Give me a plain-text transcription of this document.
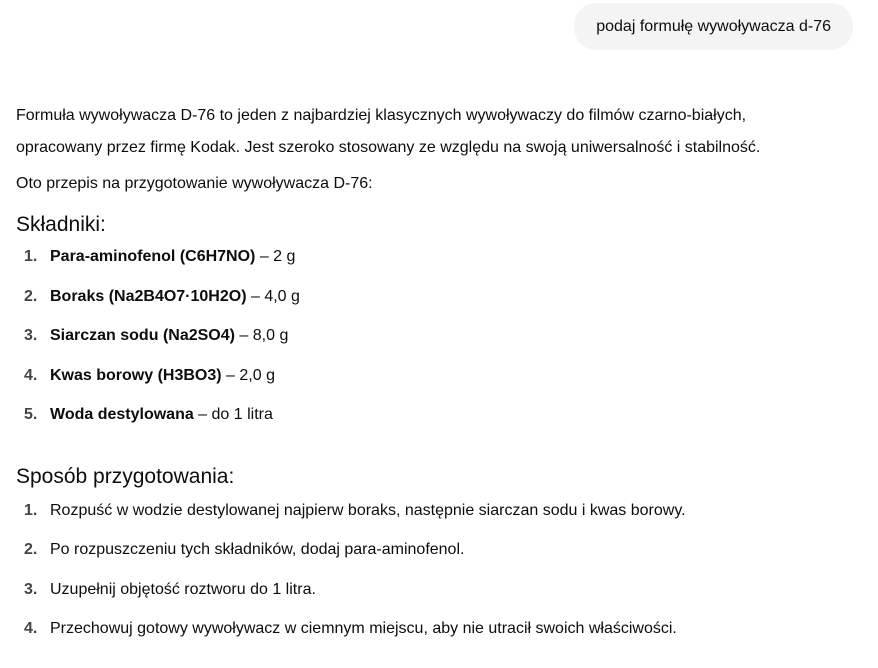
podaj formułę wywoływacza d-76

Formuła wywoływacza D-76 to jeden z najbardziej klasycznych wywoływaczy do filmów czarno-białych,
opracowany przez firmę Kodak. Jest szeroko stosowany ze względu na swoją uniwersalność i stabilność.

Oto przepis na przygotowanie wywoływacza D-76:

Składniki:
1. Para-aminofenol (C6H7NO) – 2 g
2. Boraks (Na2B4O7·10H2O) – 4,0 g
3. Siarczan sodu (Na2SO4) – 8,0 g
4. Kwas borowy (H3BO3) – 2,0 g
5. Woda destylowana – do 1 litra
Sposób przygotowania:
1. Rozpuść w wodzie destylowanej najpierw boraks, następnie siarczan sodu i kwas borowy.
2. Po rozpuszczeniu tych składników, dodaj para-aminofenol.
3. Uzupełnij objętość roztworu do 1 litra.
4. Przechowuj gotowy wywoływacz w ciemnym miejscu, aby nie utracił swoich właściwości.
